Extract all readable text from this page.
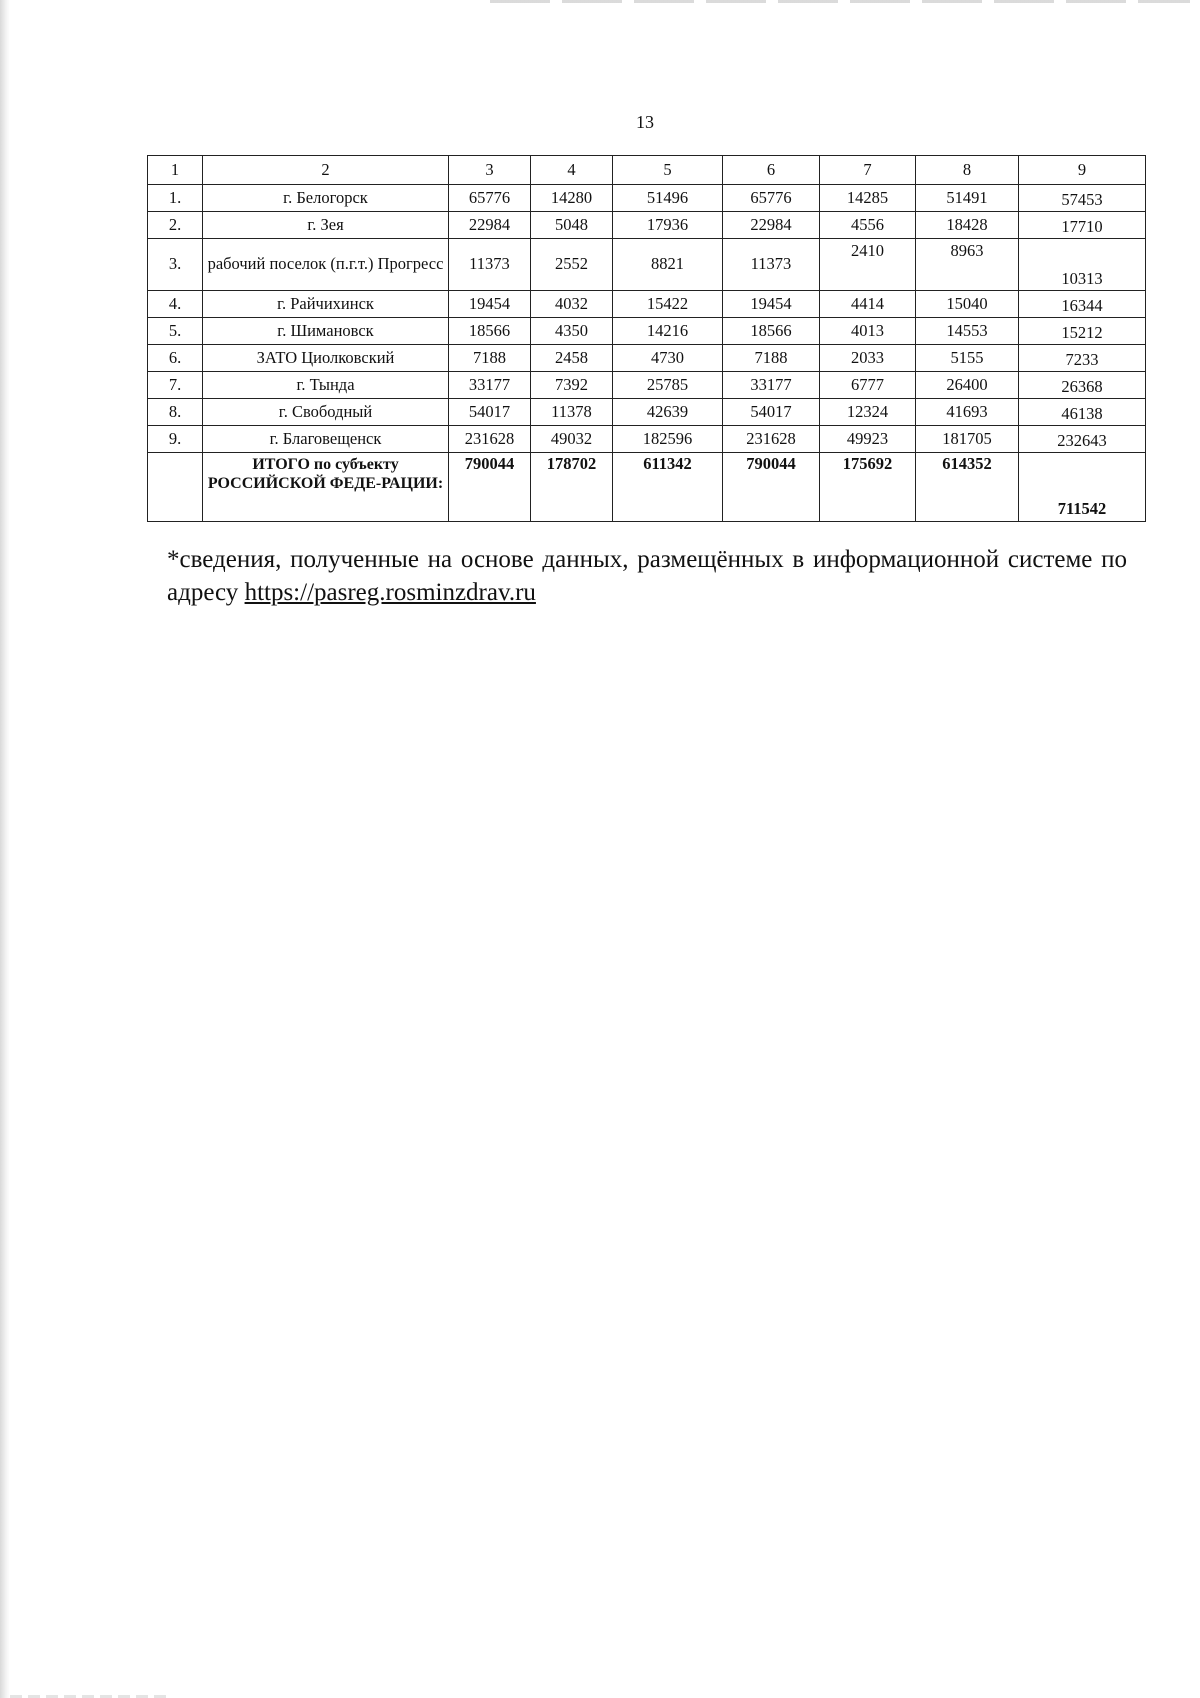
13
1	2	3	4	5	6	7	8	9
1.	г. Белогорск	65776	14280	51496	65776	14285	51491	57453
2.	г. Зея	22984	5048	17936	22984	4556	18428	17710
3.	рабочий поселок (п.г.т.) Прогресс	11373	2552	8821	11373	2410	8963	10313
4.	г. Райчихинск	19454	4032	15422	19454	4414	15040	16344
5.	г. Шимановск	18566	4350	14216	18566	4013	14553	15212
6.	ЗАТО Циолковский	7188	2458	4730	7188	2033	5155	7233
7.	г. Тында	33177	7392	25785	33177	6777	26400	26368
8.	г. Свободный	54017	11378	42639	54017	12324	41693	46138
9.	г. Благовещенск	231628	49032	182596	231628	49923	181705	232643
	ИТОГО по субъекту РОССИЙСКОЙ ФЕДЕ-РАЦИИ:	790044	178702	611342	790044	175692	614352	711542
*сведения, полученные на основе данных, размещённых в информационной системе по адресу https://pasreg.rosminzdrav.ru
